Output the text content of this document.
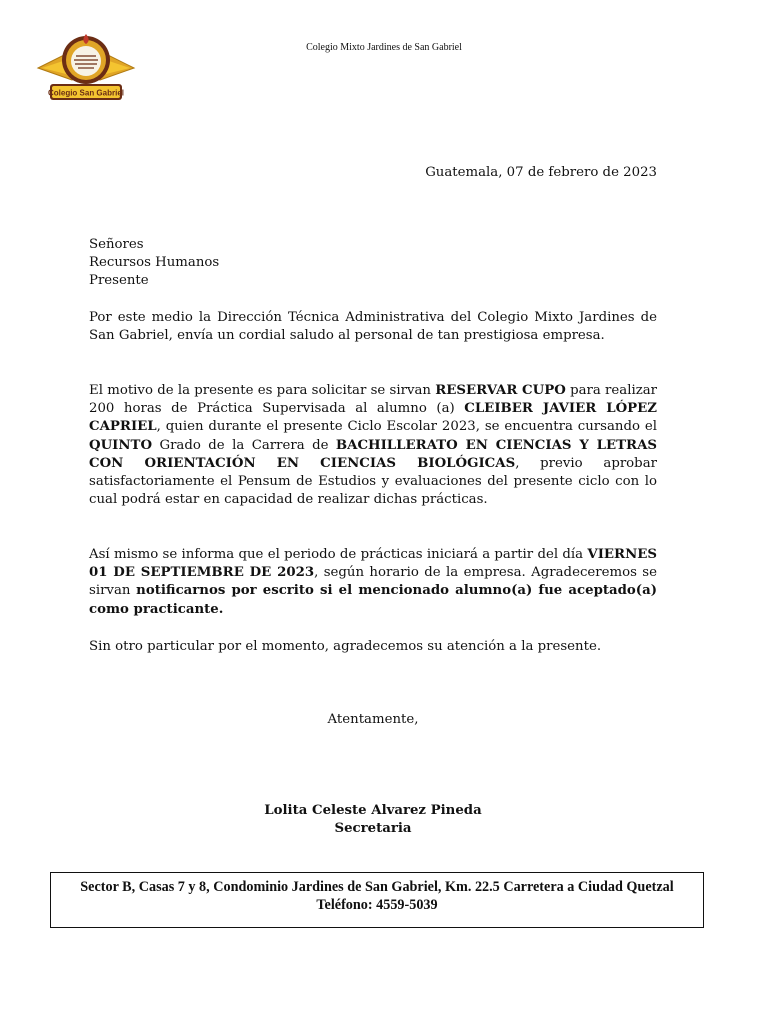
Colegio San Gabriel
Colegio Mixto Jardines de San Gabriel
Guatemala, 07 de febrero de 2023
Señores
Recursos Humanos
Presente

Por este medio la Dirección Técnica Administrativa del Colegio Mixto Jardines de San Gabriel, envía un cordial saludo al personal de tan prestigiosa empresa.

El motivo de la presente es para solicitar se sirvan RESERVAR CUPO para realizar 200 horas de Práctica Supervisada al alumno (a) CLEIBER JAVIER LÓPEZ CAPRIEL, quien durante el presente Ciclo Escolar 2023, se encuentra cursando el QUINTO Grado de la Carrera de BACHILLERATO EN CIENCIAS Y LETRAS CON ORIENTACIÓN EN CIENCIAS BIOLÓGICAS, previo aprobar satisfactoriamente el Pensum de Estudios y evaluaciones del presente ciclo con lo cual podrá estar en capacidad de realizar dichas prácticas.

Así mismo se informa que el periodo de prácticas iniciará a partir del día VIERNES 01 DE SEPTIEMBRE DE 2023, según horario de la empresa. Agradeceremos se sirvan notificarnos por escrito si el mencionado alumno(a) fue aceptado(a) como practicante.

Sin otro particular por el momento, agradecemos su atención a la presente.

Atentamente,
Lolita Celeste Alvarez Pineda
Secretaria
Sector B, Casas 7 y 8, Condominio Jardines de San Gabriel, Km. 22.5 Carretera a Ciudad Quetzal
Teléfono: 4559-5039
